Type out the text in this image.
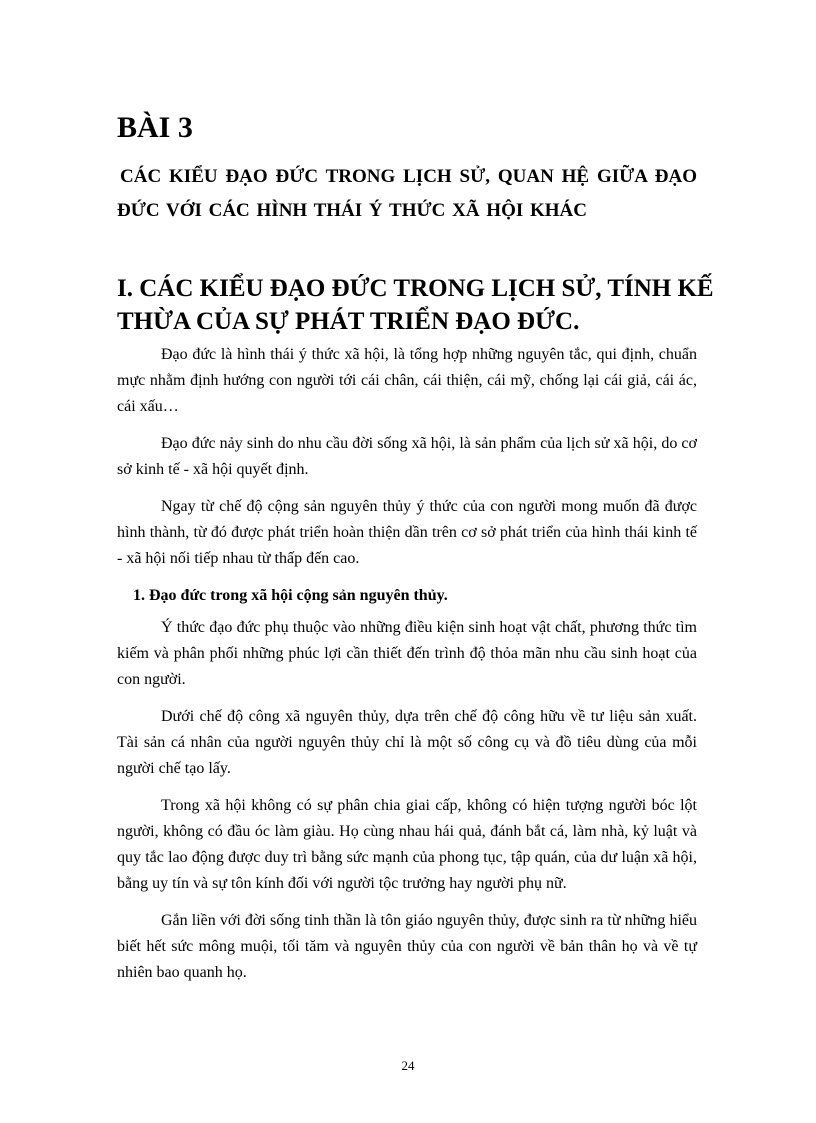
BÀI 3
CÁC KIỂU ĐẠO ĐỨC TRONG LỊCH SỬ, QUAN HỆ GIỮA ĐẠO ĐỨC VỚI CÁC HÌNH THÁI Ý THỨC XÃ HỘI KHÁC
I. CÁC KIỂU ĐẠO ĐỨC TRONG LỊCH SỬ, TÍNH KẾ THỪA CỦA SỰ PHÁT TRIỂN ĐẠO ĐỨC.

Đạo đức là hình thái ý thức xã hội, là tổng hợp những nguyên tắc, qui định, chuẩn mực nhằm định hướng con người tới cái chân, cái thiện, cái mỹ, chống lại cái giả, cái ác, cái xấu…

Đạo đức nảy sinh do nhu cầu đời sống xã hội, là sản phẩm của lịch sử xã hội, do cơ sở kinh tế - xã hội quyết định.

Ngay từ chế độ cộng sản nguyên thủy ý thức của con người mong muốn đã được hình thành, từ đó được phát triển hoàn thiện dần trên cơ sở phát triển của hình thái kinh tế - xã hội nối tiếp nhau từ thấp đến cao.

1. Đạo đức trong xã hội cộng sản nguyên thủy.

Ý thức đạo đức phụ thuộc vào những điều kiện sinh hoạt vật chất, phương thức tìm kiếm và phân phối những phúc lợi cần thiết đến trình độ thỏa mãn nhu cầu sinh hoạt của con người.

Dưới chế độ công xã nguyên thủy, dựa trên chế độ công hữu về tư liệu sản xuất. Tài sản cá nhân của người nguyên thủy chỉ là một số công cụ và đồ tiêu dùng của mỗi người chế tạo lấy.

Trong xã hội không có sự phân chia giai cấp, không có hiện tượng người bóc lột người, không có đầu óc làm giàu. Họ cùng nhau hái quả, đánh bắt cá, làm nhà, kỷ luật và quy tắc lao động được duy trì bằng sức mạnh của phong tục, tập quán, của dư luận xã hội, bằng uy tín và sự tôn kính đối với người tộc trưởng hay người phụ nữ.

Gắn liền với đời sống tinh thần là tôn giáo nguyên thủy, được sinh ra từ những hiểu biết hết sức mông muội, tối tăm và nguyên thủy của con người về bản thân họ và về tự nhiên bao quanh họ.

24
